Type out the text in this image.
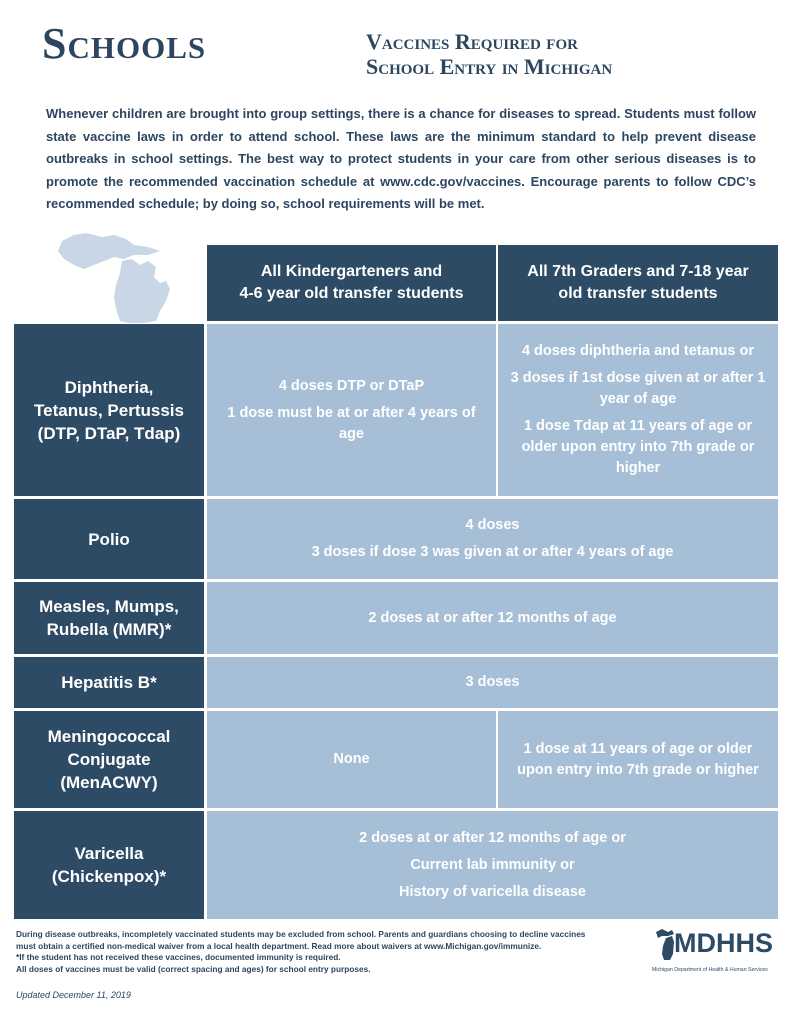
Schools	Vaccines Required for
School Entry in Michigan

Whenever children are brought into group settings, there is a chance for diseases to spread. Students must follow state vaccine laws in order to attend school. These laws are the minimum standard to help prevent disease outbreaks in school settings. The best way to protect students in your care from other serious diseases is to promote the recommended vaccination schedule at www.cdc.gov/vaccines. Encourage parents to follow CDC’s recommended schedule; by doing so, school requirements will be met.

All Kindergarteners and

4-6 year old transfer students

All 7th Graders and 7-18 year

old transfer students

Diphtheria,

Tetanus, Pertussis

(DTP, DTaP, Tdap)

4 doses DTP or DTaP

1 dose must be at or after 4 years of age

4 doses diphtheria and tetanus or

3 doses if 1st dose given at or after 1 year of age

1 dose Tdap at 11 years of age or older upon entry into 7th grade or higher

Polio

4 doses

3 doses if dose 3 was given at or after 4 years of age

Measles, Mumps,

Rubella (MMR)*

2 doses at or after 12 months of age

Hepatitis B*	3 doses

Meningococcal

Conjugate

(MenACWY)

None

1 dose at 11 years of age or older upon entry into 7th grade or higher

Varicella

(Chickenpox)*

2 doses at or after 12 months of age or

Current lab immunity or

History of varicella disease

During disease outbreaks, incompletely vaccinated students may be excluded from school. Parents and guardians choosing to decline vaccines
must obtain a certified non-medical waiver from a local health department. Read more about waivers at www.Michigan.gov/immunize.
*If the student has not received these vaccines, documented immunity is required.
All doses of vaccines must be valid (correct spacing and ages) for school entry purposes.
Updated December 11, 2019
MDHHS
Michigan Department of Health & Human Services
